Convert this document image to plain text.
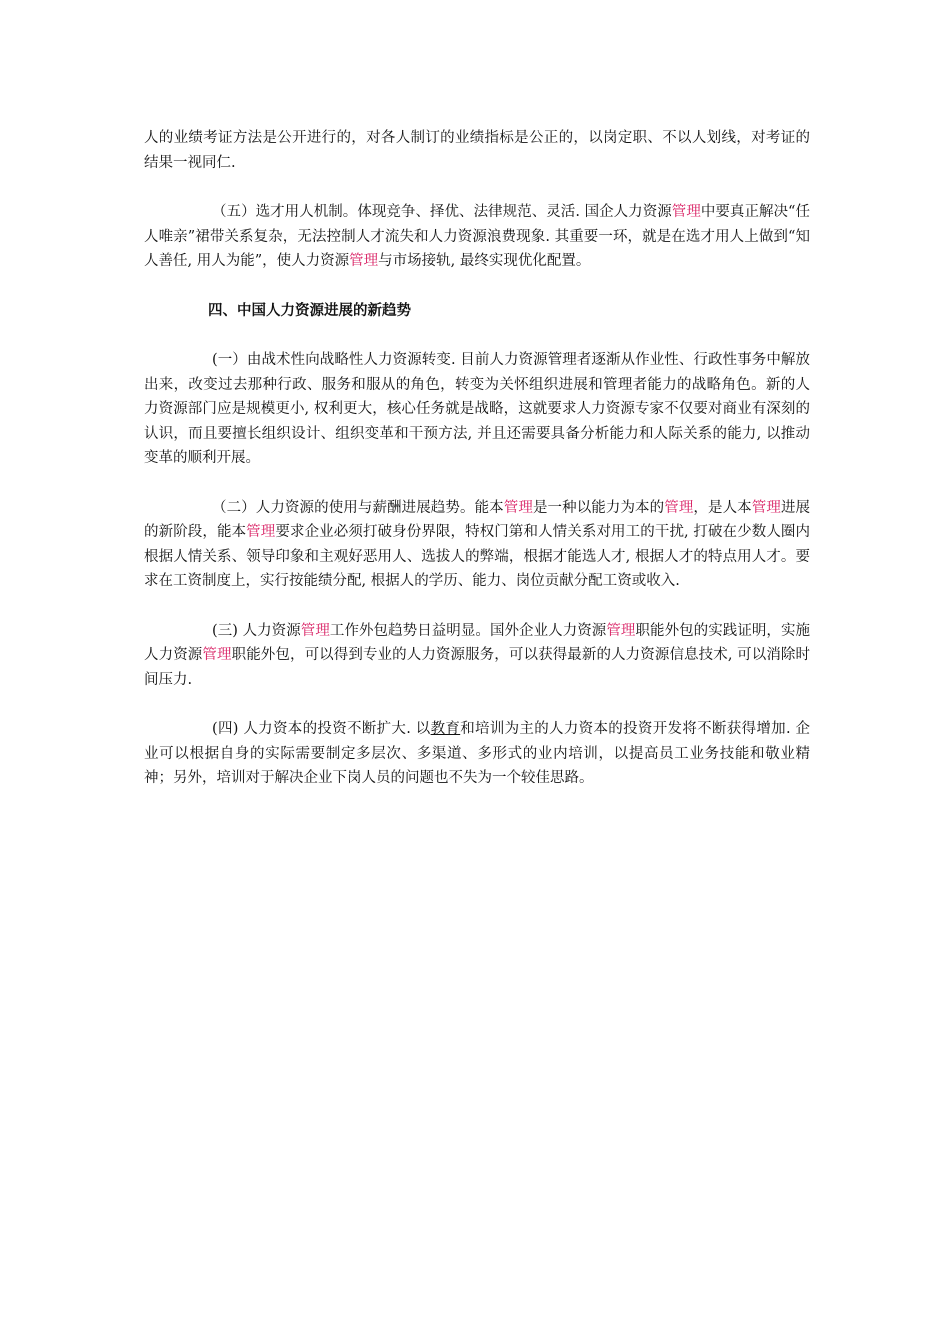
人的业绩考证方法是公开进行的，对各人制订的业绩指标是公正的，以岗定职、不以人划线，对考证的结果一视同仁.

（五）选才用人机制。体现竞争、择优、法律规范、灵活. 国企人力资源管理中要真正解决“任人唯亲”裙带关系复杂，无法控制人才流失和人力资源浪费现象. 其重要一环，就是在选才用人上做到“知人善任, 用人为能”，使人力资源管理与市场接轨, 最终实现优化配置。

四、中国人力资源进展的新趋势

(一）由战术性向战略性人力资源转变. 目前人力资源管理者逐渐从作业性、行政性事务中解放出来，改变过去那种行政、服务和服从的角色，转变为关怀组织进展和管理者能力的战略角色。新的人力资源部门应是规模更小, 权利更大，核心任务就是战略，这就要求人力资源专家不仅要对商业有深刻的认识，而且要擅长组织设计、组织变革和干预方法, 并且还需要具备分析能力和人际关系的能力, 以推动变革的顺利开展。

（二）人力资源的使用与薪酬进展趋势。能本管理是一种以能力为本的管理，是人本管理进展的新阶段，能本管理要求企业必须打破身份界限，特权门第和人情关系对用工的干扰, 打破在少数人圈内根据人情关系、领导印象和主观好恶用人、选拔人的弊端，根据才能选人才, 根据人才的特点用人才。要求在工资制度上，实行按能绩分配, 根据人的学历、能力、岗位贡献分配工资或收入.

(三) 人力资源管理工作外包趋势日益明显。国外企业人力资源管理职能外包的实践证明，实施人力资源管理职能外包，可以得到专业的人力资源服务，可以获得最新的人力资源信息技术, 可以消除时间压力.

(四) 人力资本的投资不断扩大. 以教育和培训为主的人力资本的投资开发将不断获得增加. 企业可以根据自身的实际需要制定多层次、多渠道、多形式的业内培训，以提高员工业务技能和敬业精神；另外，培训对于解决企业下岗人员的问题也不失为一个较佳思路。
